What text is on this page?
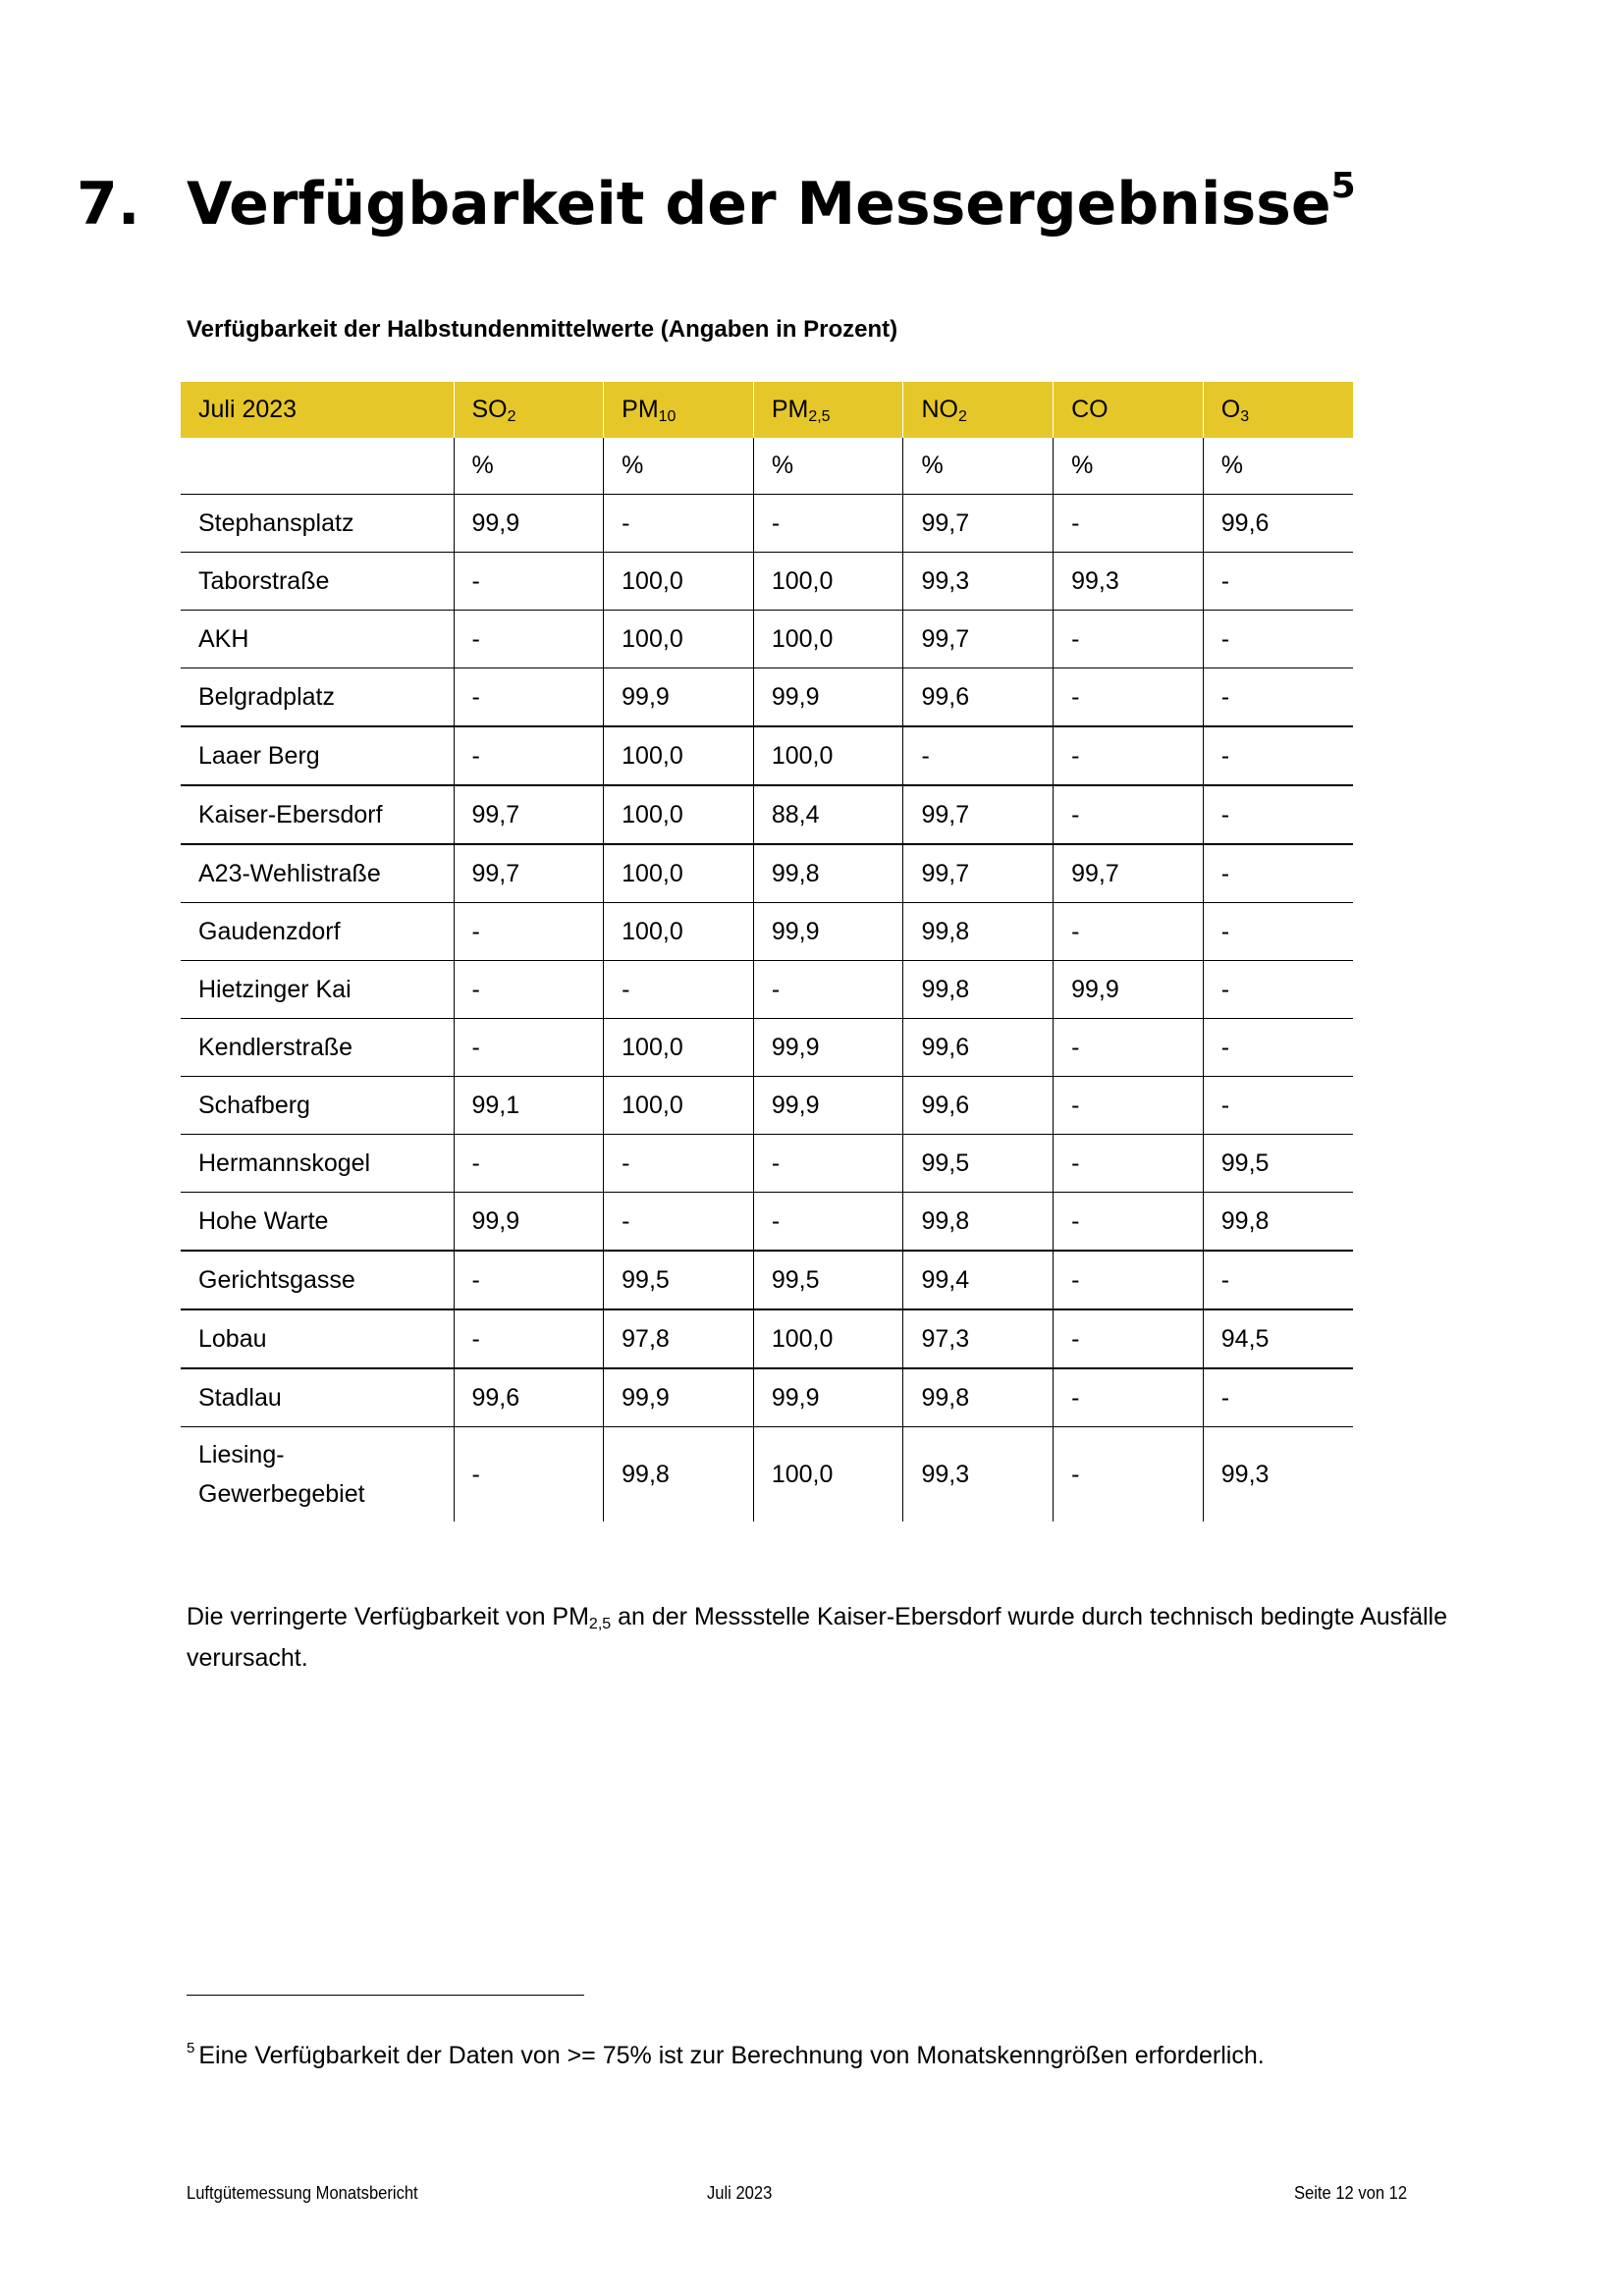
7. Verfügbarkeit der Messergebnisse$^5$
Verfügbarkeit der Halbstundenmittelwerte (Angaben in Prozent)
Juli 2023	$SO_2$	$PM_{10}$	$PM_{2,5}$	$NO_2$	CO	$O_3$
	%	%	%	%	%	%
Stephansplatz	99,9	-	-	99,7	-	99,6
Taborstraße	-	100,0	100,0	99,3	99,3	-
AKH	-	100,0	100,0	99,7	-	-
Belgradplatz	-	99,9	99,9	99,6	-	-
Laaer Berg	-	100,0	100,0	-	-	-
Kaiser-Ebersdorf	99,7	100,0	88,4	99,7	-	-
A23-Wehlistraße	99,7	100,0	99,8	99,7	99,7	-
Gaudenzdorf	-	100,0	99,9	99,8	-	-
Hietzinger Kai	-	-	-	99,8	99,9	-
Kendlerstraße	-	100,0	99,9	99,6	-	-
Schafberg	99,1	100,0	99,9	99,6	-	-
Hermannskogel	-	-	-	99,5	-	99,5
Hohe Warte	99,9	-	-	99,8	-	99,8
Gerichtsgasse	-	99,5	99,5	99,4	-	-
Lobau	-	97,8	100,0	97,3	-	94,5
Stadlau	99,6	99,9	99,9	99,8	-	-
Liesing-
Gewerbegebiet	-	99,8	100,0	99,3	-	99,3
Die verringerte Verfügbarkeit von $PM_{2,5}$ an der Messstelle Kaiser-Ebersdorf wurde durch technisch bedingte Ausfälle verursacht.
$^5$ Eine Verfügbarkeit der Daten von >= 75% ist zur Berechnung von Monatskenngrößen erforderlich.
Luftgütemessung Monatsbericht	Juli 2023	Seite 12 von 12
